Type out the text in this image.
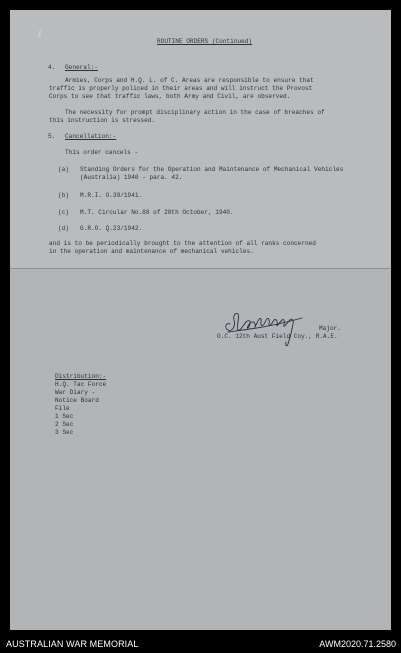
ℓ
ROUTINE ORDERS (Continued)
4. General:-
Armies, Corps and H.Q. L. of C. Areas are responsible to ensure that
traffic is properly policed in their areas and will instruct the Provost
Corps to see that traffic laws, both Army and Civil, are observed.
The necessity for prompt disciplinary action in the case of breaches of
this instruction is stressed.
5. Cancellation:-
This order cancels -
(a) Standing Orders for the Operation and Maintenance of Mechanical Vehicles
(Australia) 1940 - para. 42.
(b) M.R.I. O.39/1941.
(c) M.T. Circular No.88 of 28th October, 1940.
(d) G.R.O. Q.23/1942.
and is to be periodically brought to the attention of all ranks concerned
in the operation and maintenance of mechanical vehicles.
Major.
O.C. 12th Aust Field Coy., R.A.E.
Distribution:-
H.Q. Tac Force
War Diary -
Notice Board
File
1 Sec
2 Sec
3 Sec
AUSTRALIAN WAR MEMORIAL	AWM2020.71.2580
